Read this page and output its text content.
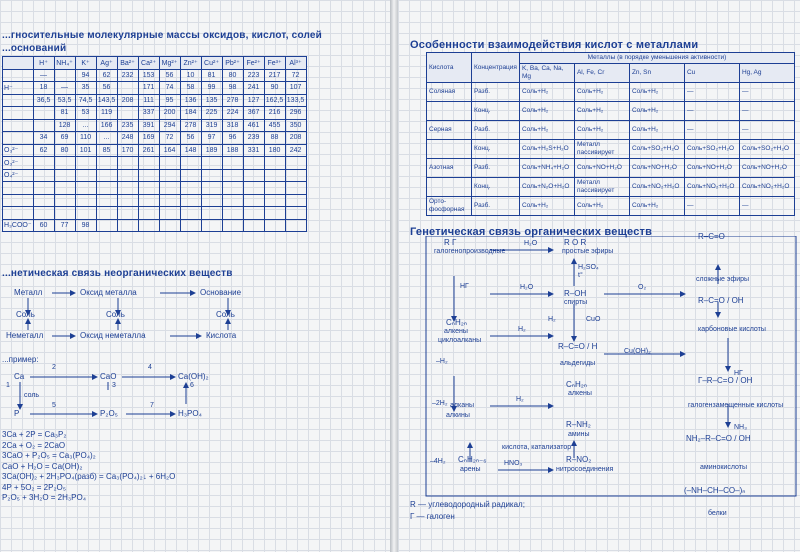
...гносительные молекулярные массы оксидов, кислот, солей
...оснований
	H⁺	NH₄⁺	K⁺	Ag⁺	Ba²⁺	Ca²⁺	Mg²⁺	Zn²⁺	Cu²⁺	Pb²⁺	Fe²⁺	Fe³⁺	Al³⁺
	—		94	62	232	153	56	10	81	80	223	217	72
H⁻	18	—	35	56		171	74	58	99	98	241	90	107
	36,5	53,5	74,5	143,5	208	111	95	136	135	278	127	162,5	133,5
		81	53	119		337	200	184	225	224	367	216	296
		128	...	166	235	391	294	278	319	318	461	455	350
	34	69	110	...	248	169	72	56	97	96	239	88	208
O₃²⁻	62	80	101	85	170	261	164	148	189	188	331	180	242
O₃²⁻													
O₄²⁻													

H₃COO⁻	60	77	98										
...нетическая связь неорганических веществ
Металл	Оксид металла	Основание
Соль	Соль	Соль
Неметалл	Оксид неметалла	Кислота
...пример:
2	4
Ca	CaO	Ca(OH)₂
1	3	6
соль
5	7
P	P₂O₅	H₃PO₄
3Ca + 2P = Ca₃P₂
2Ca + O₂ = 2CaO
3CaO + P₂O₅ = Ca₃(PO₄)₂
CaO + H₂O = Ca(OH)₂
3Ca(OH)₂ + 2H₃PO₄(разб) = Ca₃(PO₄)₂↓ + 6H₂O
4P + 5O₂ = 2P₂O₅
P₂O₅ + 3H₂O = 2H₃PO₄
Особенности взаимодействия кислот с металлами
Кислота	Концентрация	Металлы (в порядке уменьшения активности)				
		K, Ba, Ca, Na, Mg	Al, Fe, Cr	Zn, Sn	Cu	Hg, Ag
Соляная	Разб.	Соль+H₂	Соль+H₂	Соль+H₂	—	—
	Конц.	Соль+H₂	Соль+H₂	Соль+H₂	—	—
Серная	Разб.	Соль+H₂	Соль+H₂	Соль+H₂	—	—
	Конц.	Соль+H₂S+H₂O	Металл пассивирует	Соль+SO₂+H₂O	Соль+SO₂+H₂O	Соль+SO₂+H₂O
Азотная	Разб.	Соль+NH₄+H₂O	Соль+NO+H₂O	Соль+NO+H₂O	Соль+NO+H₂O	Соль+NO+H₂O
	Конц.	Соль+N₂O+H₂O	Металл пассивирует	Соль+NO₂+H₂O	Соль+NO₂+H₂O	Соль+NO₂+H₂O
Орто-фосфорная	Разб.	Соль+H₂	Соль+H₂	Соль+H₂	—	—
Генетическая связь органических веществ
R Г
галогенопроизводные
R O R
простые эфиры
R–OH
спирты
CₙH₂ₙ
алкены
циклоалканы
R–C=O / H
альдегиды
CₙH₂ₙ
алкены
алканы
алкины
CₙH₂ₙ₋₆
арены
R–NH₂
амины
R–NO₂
нитросоединения
R–C=O
сложные эфиры
R–C=O / OH
карбоновые кислоты
Г–R–C=O / OH
галогензамещенные кислоты
NH₂–R–C=O / OH
аминокислоты
(–NH–CH–CO–)ₙ
белки
H₂O
HГ	H₂O
H₂SO₄
t°
O₂
CuO
H₂
Cu(OH)₂
H₂
H₂
–H₂
–2H₂
–4H₂	HNO₃
кислота, катализатор
HГ
NH₃
R — углеводородный радикал;
Г — галоген
